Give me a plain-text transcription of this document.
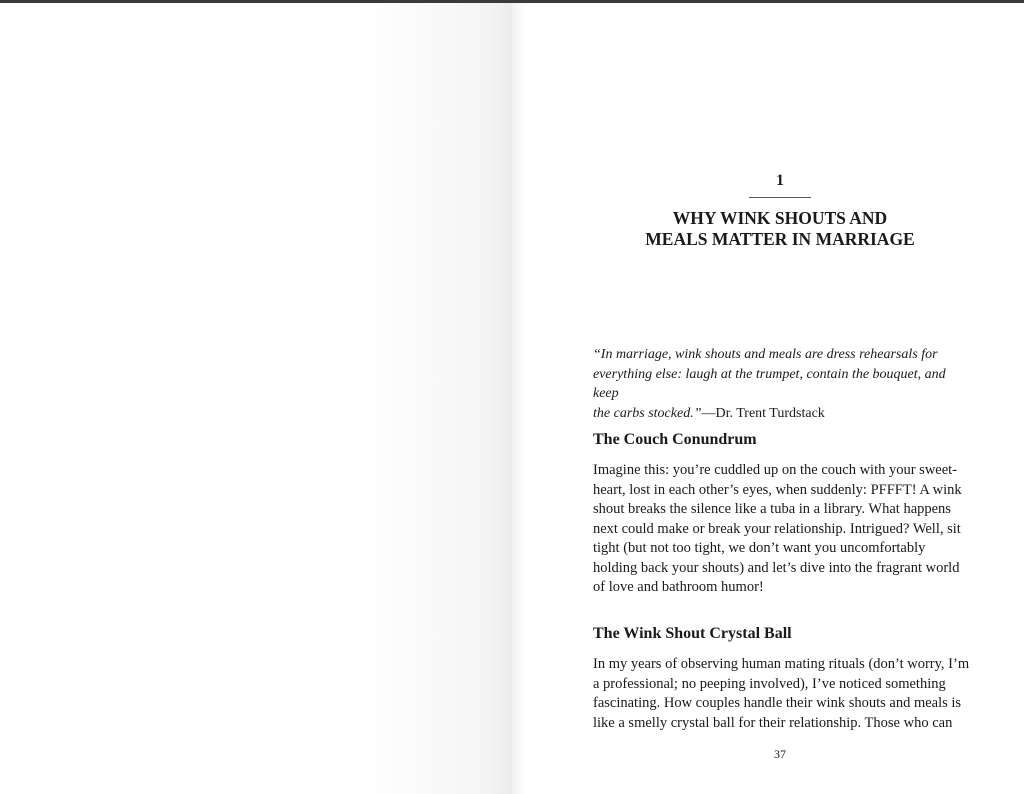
1
WHY WINK SHOUTS AND
MEALS MATTER IN MARRIAGE
“In marriage, wink shouts and meals are dress rehearsals for
everything else: laugh at the trumpet, contain the bouquet, and keep
the carbs stocked.”—Dr. Trent Turdstack
The Couch Conundrum
Imagine this: you’re cuddled up on the couch with your sweet-
heart, lost in each other’s eyes, when suddenly: PFFFT! A wink
shout breaks the silence like a tuba in a library. What happens
next could make or break your relationship. Intrigued? Well, sit
tight (but not too tight, we don’t want you uncomfortably
holding back your shouts) and let’s dive into the fragrant world
of love and bathroom humor!
The Wink Shout Crystal Ball
In my years of observing human mating rituals (don’t worry, I’m
a professional; no peeping involved), I’ve noticed something
fascinating. How couples handle their wink shouts and meals is
like a smelly crystal ball for their relationship. Those who can
37
